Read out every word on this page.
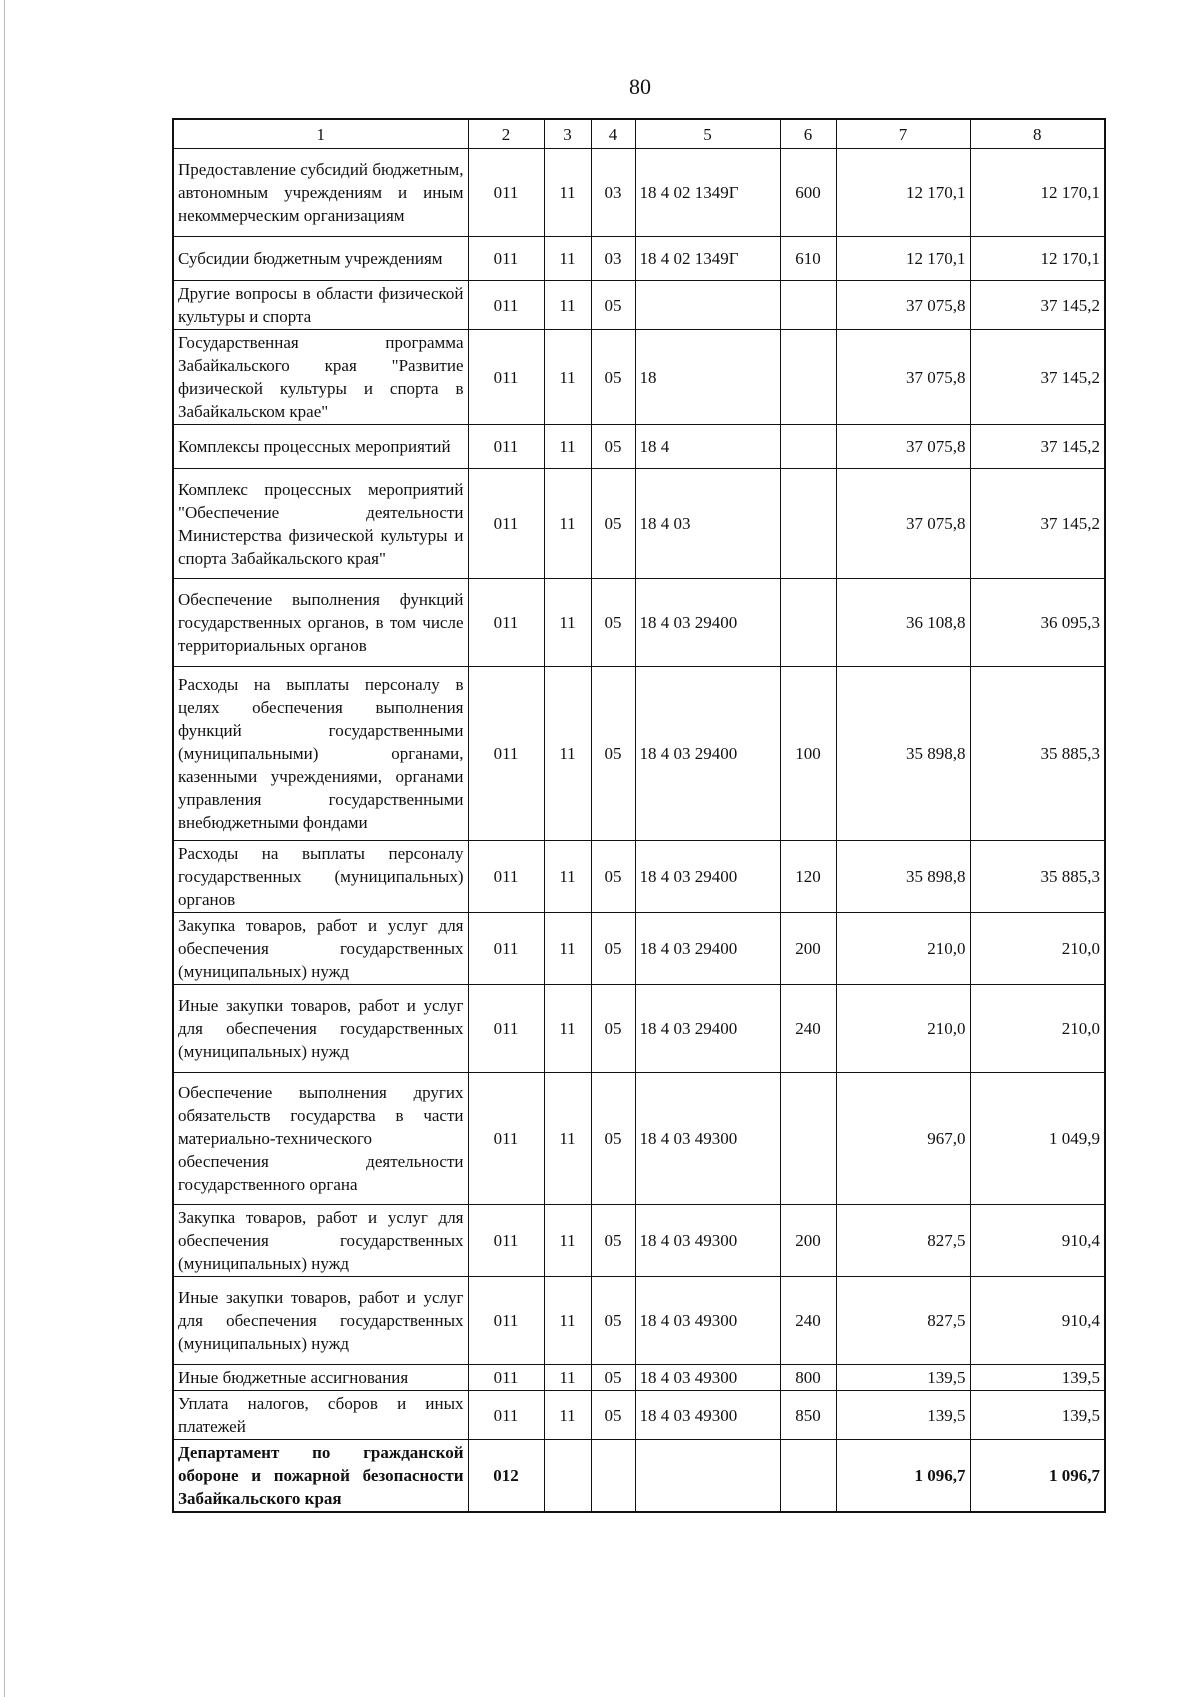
80
1	2	3	4	5	6	7	8
Предоставление субсидий бюджетным, автономным учреждениям и иным некоммерческим организациям	011	11	03	18 4 02 1349Г	600	12 170,1	12 170,1
Субсидии бюджетным учреждениям	011	11	03	18 4 02 1349Г	610	12 170,1	12 170,1
Другие вопросы в области физической культуры и спорта	011	11	05			37 075,8	37 145,2
Государственная программа Забайкальского края "Развитие физической культуры и спорта в Забайкальском крае"	011	11	05	18		37 075,8	37 145,2
Комплексы процессных мероприятий	011	11	05	18 4		37 075,8	37 145,2
Комплекс процессных мероприятий "Обеспечение деятельности Министерства физической культуры и спорта Забайкальского края"	011	11	05	18 4 03		37 075,8	37 145,2
Обеспечение выполнения функций государственных органов, в том числе территориальных органов	011	11	05	18 4 03 29400		36 108,8	36 095,3
Расходы на выплаты персоналу в целях обеспечения выполнения функций государственными (муниципальными) органами, казенными учреждениями, органами управления государственными внебюджетными фондами	011	11	05	18 4 03 29400	100	35 898,8	35 885,3
Расходы на выплаты персоналу государственных (муниципальных) органов	011	11	05	18 4 03 29400	120	35 898,8	35 885,3
Закупка товаров, работ и услуг для обеспечения государственных (муниципальных) нужд	011	11	05	18 4 03 29400	200	210,0	210,0
Иные закупки товаров, работ и услуг для обеспечения государственных (муниципальных) нужд	011	11	05	18 4 03 29400	240	210,0	210,0
Обеспечение выполнения других обязательств государства в части материально-технического обеспечения деятельности государственного органа	011	11	05	18 4 03 49300		967,0	1 049,9
Закупка товаров, работ и услуг для обеспечения государственных (муниципальных) нужд	011	11	05	18 4 03 49300	200	827,5	910,4
Иные закупки товаров, работ и услуг для обеспечения государственных (муниципальных) нужд	011	11	05	18 4 03 49300	240	827,5	910,4
Иные бюджетные ассигнования	011	11	05	18 4 03 49300	800	139,5	139,5
Уплата налогов, сборов и иных платежей	011	11	05	18 4 03 49300	850	139,5	139,5
Департамент по гражданской обороне и пожарной безопасности Забайкальского края	012					1 096,7	1 096,7
